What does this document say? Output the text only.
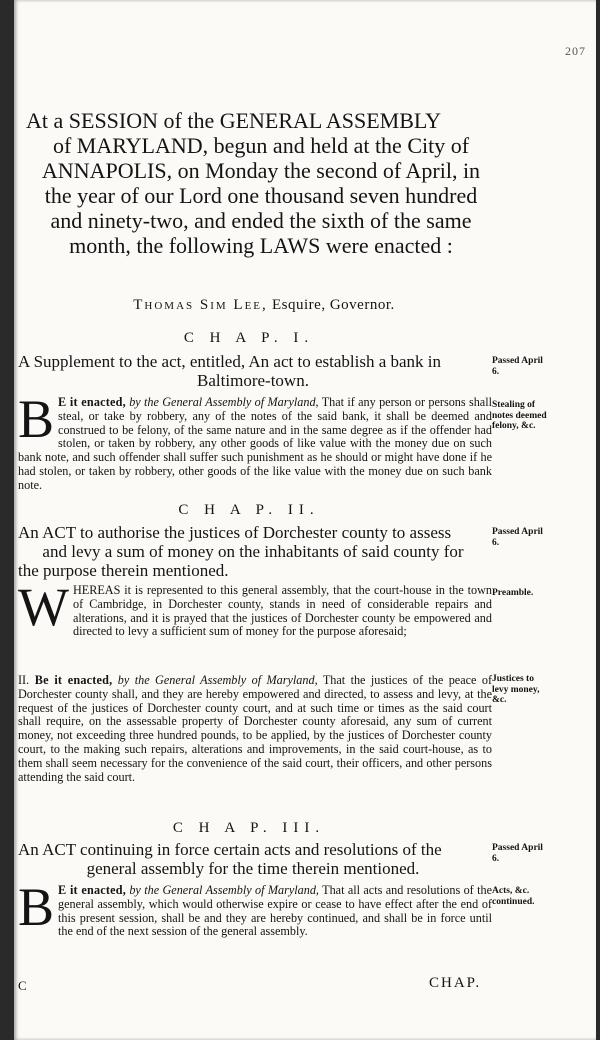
207
At a SESSION of the GENERAL ASSEMBLY
of MARYLAND, begun and held at the City of
ANNAPOLIS, on Monday the second of April, in
the year of our Lord one thousand seven hundred
and ninety-two, and ended the sixth of the same
month, the following LAWS were enacted :
Thomas Sim Lee, Esquire, Governor.
C H A P. I.
A Supplement to the act, entitled, An act to establish a bank in
Baltimore-town.
Passed April 6.
Stealing of notes deemed felony, &c.
B E it enacted, by the General Assembly of Maryland, That if any person or persons shall steal, or take by robbery, any of the notes of the said bank, it shall be deemed and construed to be felony, of the same nature and in the same degree as if the offender had stolen, or taken by robbery, any other goods of like value with the money due on such bank note, and such offender shall suffer such punishment as he should or might have done if he had stolen, or taken by robbery, other goods of the like value with the money due on such bank note.
C H A P. II.
An ACT to authorise the justices of Dorchester county to assess
and levy a sum of money on the inhabitants of said county for
the purpose therein mentioned.
Passed April 6.
Preamble.
Justices to levy money, &c.
WHEREAS it is represented to this general assembly, that the court-house in the town of Cambridge, in Dorchester county, stands in need of considerable repairs and alterations, and it is prayed that the justices of Dorchester county be empowered and directed to levy a sufficient sum of money for the purpose aforesaid;
II. Be it enacted, by the General Assembly of Maryland, That the justices of the peace of Dorchester county shall, and they are hereby empowered and directed, to assess and levy, at the request of the justices of Dorchester county court, and at such time or times as the said court shall require, on the assessable property of Dorchester county aforesaid, any sum of current money, not exceeding three hundred pounds, to be applied, by the justices of Dorchester county court, to the making such repairs, alterations and improvements, in the said court-house, as to them shall seem necessary for the convenience of the said court, their officers, and other persons attending the said court.
C H A P. III.
An ACT continuing in force certain acts and resolutions of the
general assembly for the time therein mentioned.
Passed April 6.
Acts, &c. continued.
B E it enacted, by the General Assembly of Maryland, That all acts and resolutions of the general assembly, which would otherwise expire or cease to have effect after the end of this present session, shall be and they are hereby continued, and shall be in force until the end of the next session of the general assembly.
C	CHAP.
